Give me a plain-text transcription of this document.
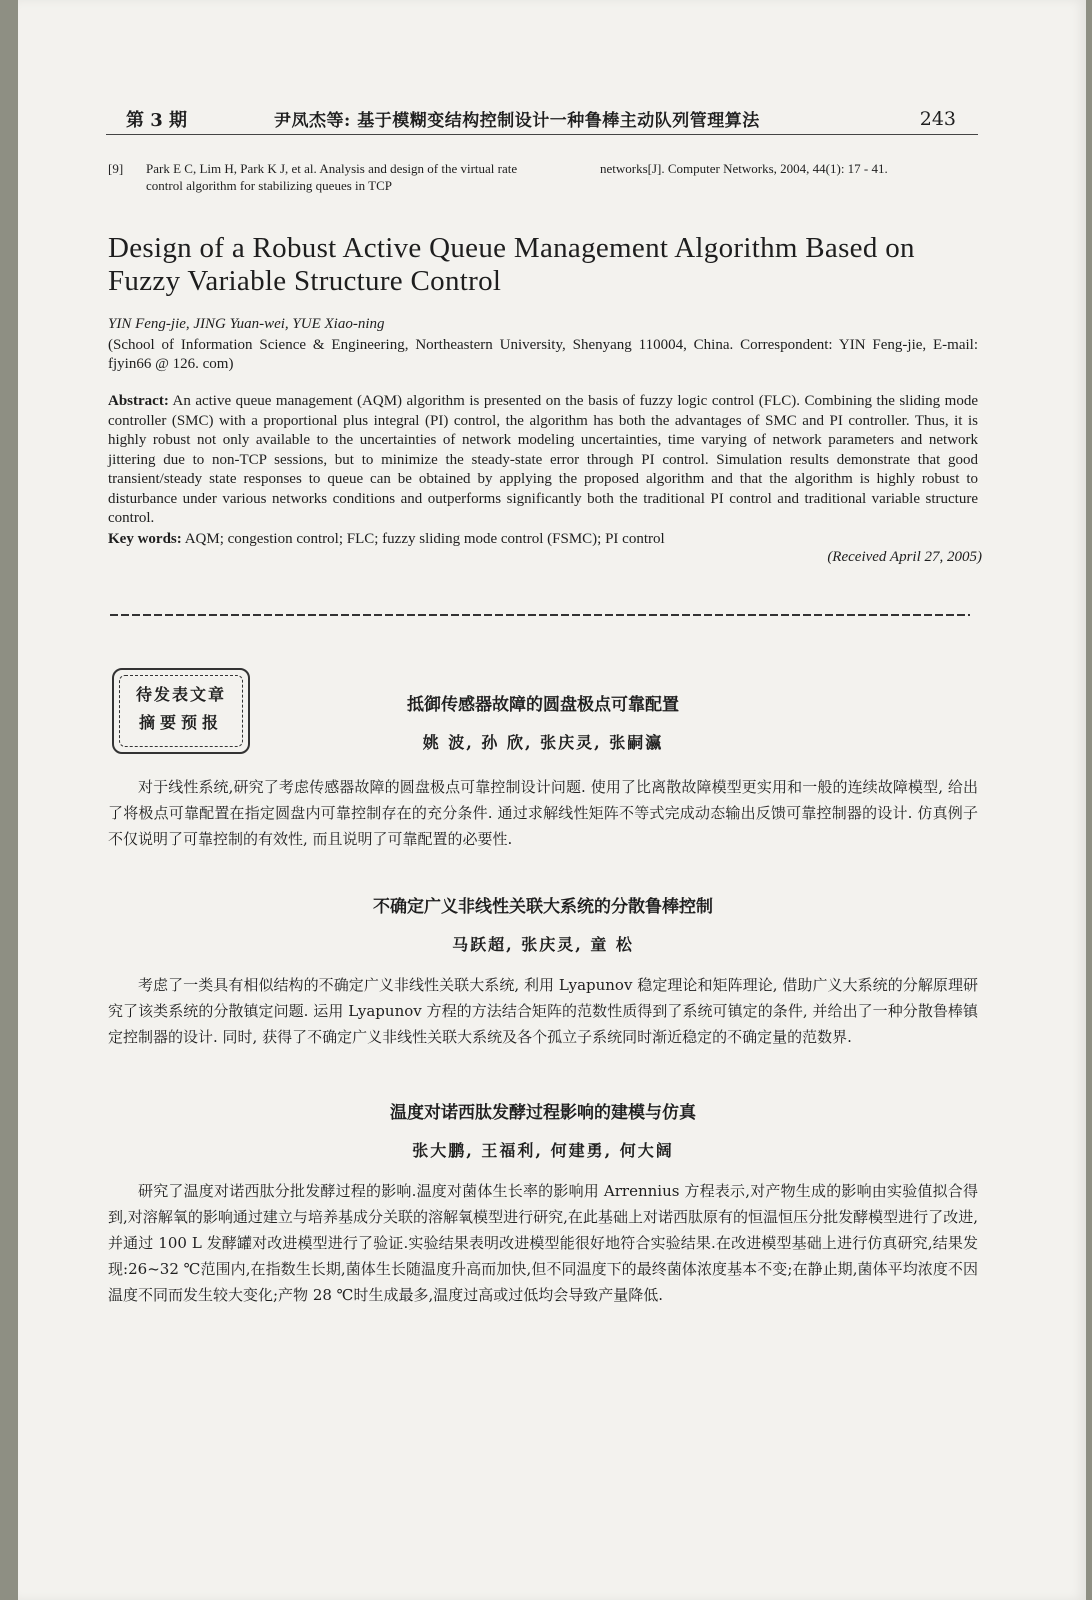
第 3 期	尹凤杰等: 基于模糊变结构控制设计一种鲁棒主动队列管理算法	243
[9] Park E C, Lim H, Park K J, et al. Analysis and design of the virtual rate control algorithm for stabilizing queues in TCP
networks[J]. Computer Networks, 2004, 44(1): 17 - 41.
Design of a Robust Active Queue Management Algorithm Based on Fuzzy Variable Structure Control
YIN Feng-jie, JING Yuan-wei, YUE Xiao-ning
(School of Information Science & Engineering, Northeastern University, Shenyang 110004, China. Correspondent: YIN Feng-jie, E-mail: fjyin66 @ 126. com)
Abstract: An active queue management (AQM) algorithm is presented on the basis of fuzzy logic control (FLC). Combining the sliding mode controller (SMC) with a proportional plus integral (PI) control, the algorithm has both the advantages of SMC and PI controller. Thus, it is highly robust not only available to the uncertainties of network modeling uncertainties, time varying of network parameters and network jittering due to non-TCP sessions, but to minimize the steady-state error through PI control. Simulation results demonstrate that good transient/steady state responses to queue can be obtained by applying the proposed algorithm and that the algorithm is highly robust to disturbance under various networks conditions and outperforms significantly both the traditional PI control and traditional variable structure control.
Key words: AQM; congestion control; FLC; fuzzy sliding mode control (FSMC); PI control
(Received April 27, 2005)
待发表文章
摘要预报
抵御传感器故障的圆盘极点可靠配置
姚 波, 孙 欣, 张庆灵, 张嗣瀛
对于线性系统,研究了考虑传感器故障的圆盘极点可靠控制设计问题. 使用了比离散故障模型更实用和一般的连续故障模型, 给出了将极点可靠配置在指定圆盘内可靠控制存在的充分条件. 通过求解线性矩阵不等式完成动态输出反馈可靠控制器的设计. 仿真例子不仅说明了可靠控制的有效性, 而且说明了可靠配置的必要性.
不确定广义非线性关联大系统的分散鲁棒控制
马跃超, 张庆灵, 童 松
考虑了一类具有相似结构的不确定广义非线性关联大系统, 利用 Lyapunov 稳定理论和矩阵理论, 借助广义大系统的分解原理研究了该类系统的分散镇定问题. 运用 Lyapunov 方程的方法结合矩阵的范数性质得到了系统可镇定的条件, 并给出了一种分散鲁棒镇定控制器的设计. 同时, 获得了不确定广义非线性关联大系统及各个孤立子系统同时渐近稳定的不确定量的范数界.
温度对诺西肽发酵过程影响的建模与仿真
张大鹏, 王福利, 何建勇, 何大阔
研究了温度对诺西肽分批发酵过程的影响.温度对菌体生长率的影响用 Arrennius 方程表示,对产物生成的影响由实验值拟合得到,对溶解氧的影响通过建立与培养基成分关联的溶解氧模型进行研究,在此基础上对诺西肽原有的恒温恒压分批发酵模型进行了改进,并通过 100 L 发酵罐对改进模型进行了验证.实验结果表明改进模型能很好地符合实验结果.在改进模型基础上进行仿真研究,结果发现:26~32 ℃范围内,在指数生长期,菌体生长随温度升高而加快,但不同温度下的最终菌体浓度基本不变;在静止期,菌体平均浓度不因温度不同而发生较大变化;产物 28 ℃时生成最多,温度过高或过低均会导致产量降低.
